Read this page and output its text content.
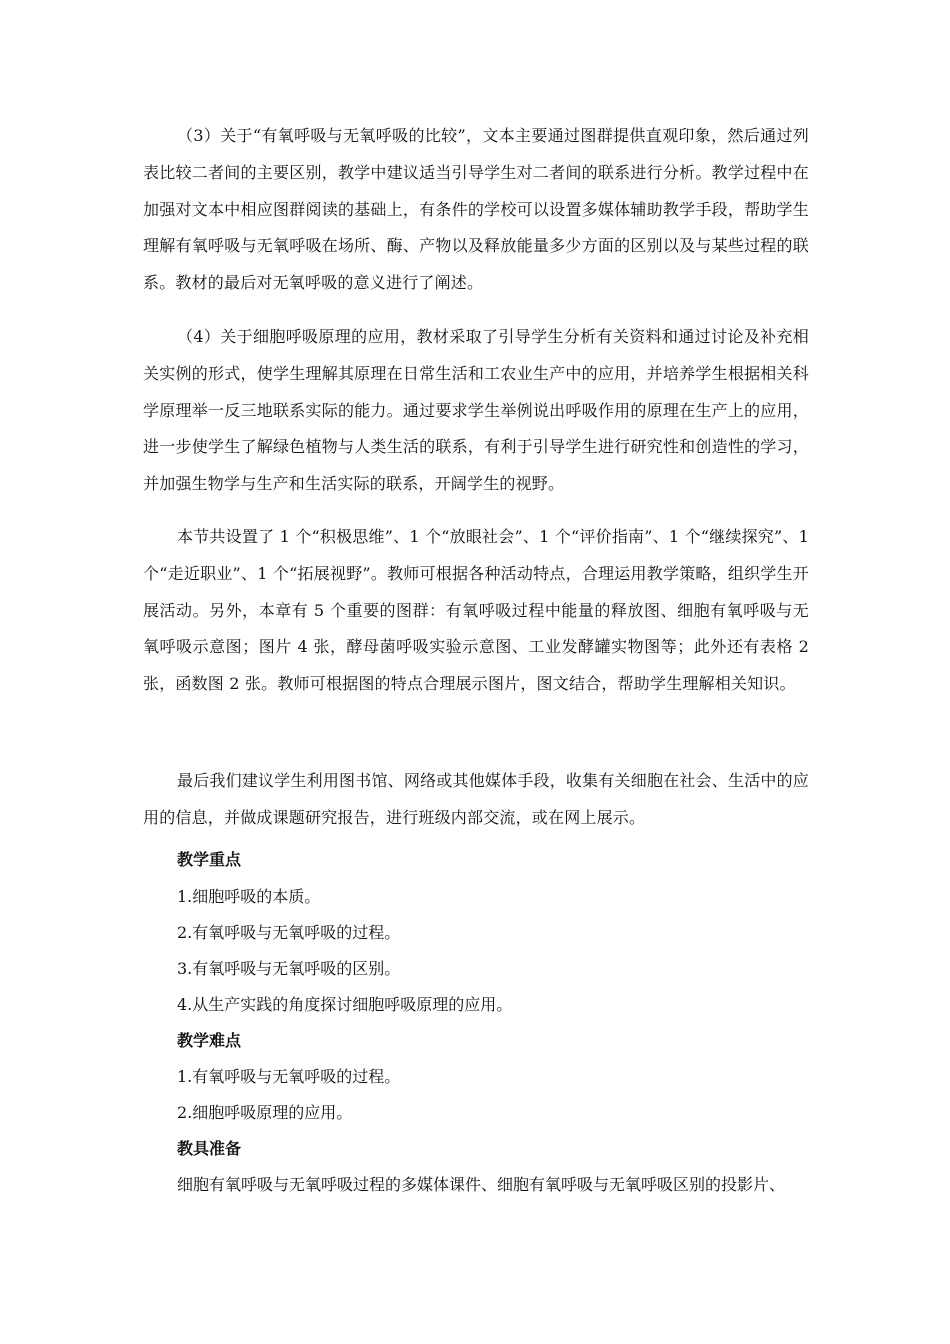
（3）关于“有氧呼吸与无氧呼吸的比较”，文本主要通过图群提供直观印象，然后通过列表比较二者间的主要区别，教学中建议适当引导学生对二者间的联系进行分析。教学过程中在加强对文本中相应图群阅读的基础上，有条件的学校可以设置多媒体辅助教学手段，帮助学生理解有氧呼吸与无氧呼吸在场所、酶、产物以及释放能量多少方面的区别以及与某些过程的联系。教材的最后对无氧呼吸的意义进行了阐述。

（4）关于细胞呼吸原理的应用，教材采取了引导学生分析有关资料和通过讨论及补充相关实例的形式，使学生理解其原理在日常生活和工农业生产中的应用，并培养学生根据相关科学原理举一反三地联系实际的能力。通过要求学生举例说出呼吸作用的原理在生产上的应用，进一步使学生了解绿色植物与人类生活的联系，有利于引导学生进行研究性和创造性的学习，并加强生物学与生产和生活实际的联系，开阔学生的视野。

本节共设置了 1 个“积极思维”、1 个“放眼社会”、1 个“评价指南”、1 个“继续探究”、1 个“走近职业”、1 个“拓展视野”。教师可根据各种活动特点，合理运用教学策略，组织学生开展活动。另外，本章有 5 个重要的图群：有氧呼吸过程中能量的释放图、细胞有氧呼吸与无氧呼吸示意图；图片 4 张，酵母菌呼吸实验示意图、工业发酵罐实物图等；此外还有表格 2 张，函数图 2 张。教师可根据图的特点合理展示图片，图文结合，帮助学生理解相关知识。

最后我们建议学生利用图书馆、网络或其他媒体手段，收集有关细胞在社会、生活中的应用的信息，并做成课题研究报告，进行班级内部交流，或在网上展示。

教学重点

1.细胞呼吸的本质。

2.有氧呼吸与无氧呼吸的过程。

3.有氧呼吸与无氧呼吸的区别。

4.从生产实践的角度探讨细胞呼吸原理的应用。

教学难点

1.有氧呼吸与无氧呼吸的过程。

2.细胞呼吸原理的应用。

教具准备

细胞有氧呼吸与无氧呼吸过程的多媒体课件、细胞有氧呼吸与无氧呼吸区别的投影片、
